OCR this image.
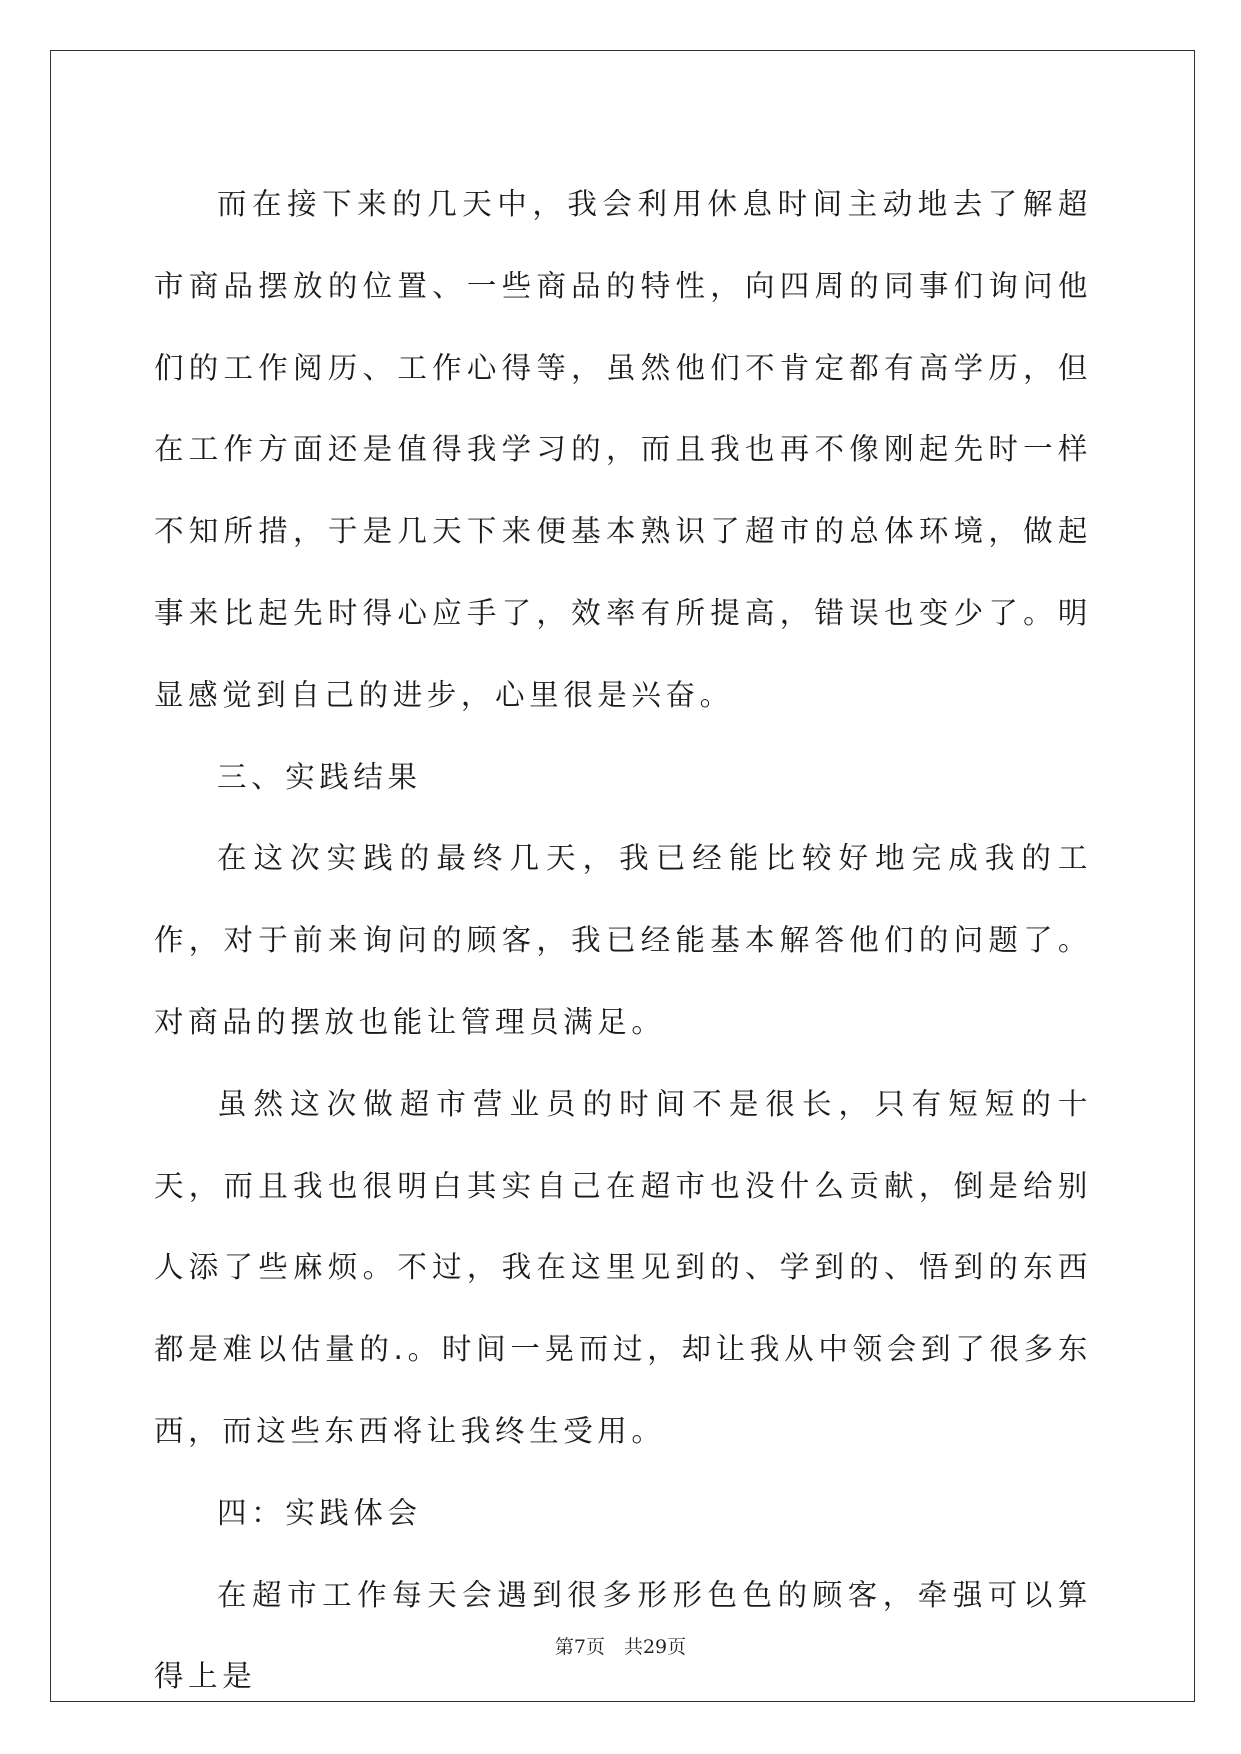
而在接下来的几天中，我会利用休息时间主动地去了解超市商品摆放的位置、一些商品的特性，向四周的同事们询问他们的工作阅历、工作心得等，虽然他们不肯定都有高学历，但在工作方面还是值得我学习的，而且我也再不像刚起先时一样不知所措，于是几天下来便基本熟识了超市的总体环境，做起事来比起先时得心应手了，效率有所提高，错误也变少了。明显感觉到自己的进步，心里很是兴奋。

三、实践结果

在这次实践的最终几天，我已经能比较好地完成我的工作，对于前来询问的顾客，我已经能基本解答他们的问题了。对商品的摆放也能让管理员满足。

虽然这次做超市营业员的时间不是很长，只有短短的十天，而且我也很明白其实自己在超市也没什么贡献，倒是给别人添了些麻烦。不过，我在这里见到的、学到的、悟到的东西都是难以估量的.。时间一晃而过，却让我从中领会到了很多东西，而这些东西将让我终生受用。

四：实践体会

在超市工作每天会遇到很多形形色色的顾客，牵强可以算得上是

第7页　共29页
